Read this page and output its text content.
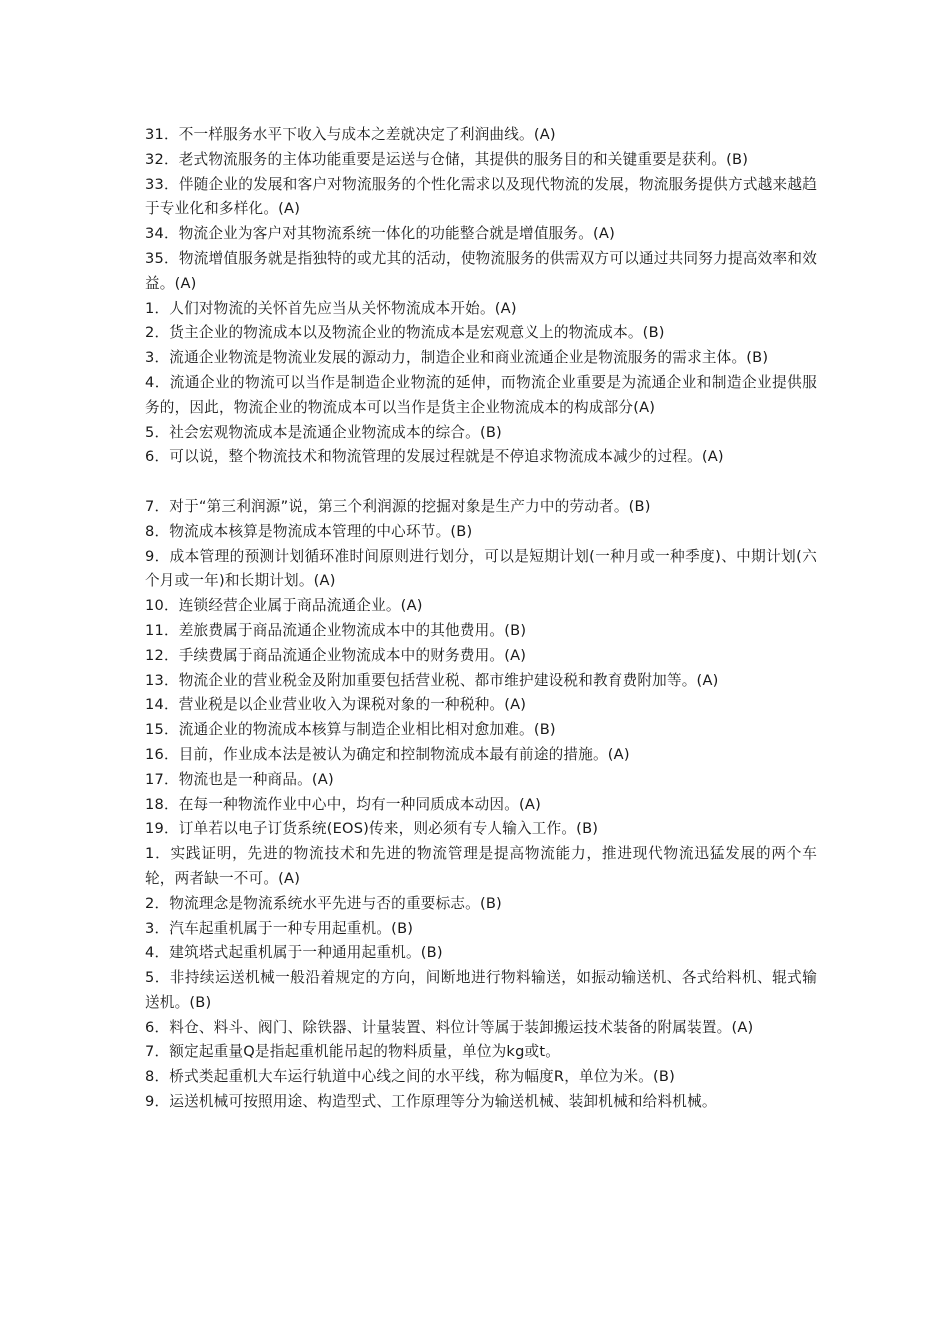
31．不一样服务水平下收入与成本之差就决定了利润曲线。(A)

32．老式物流服务的主体功能重要是运送与仓储，其提供的服务目的和关键重要是获利。(B)

33．伴随企业的发展和客户对物流服务的个性化需求以及现代物流的发展，物流服务提供方式越来越趋于专业化和多样化。(A)

34．物流企业为客户对其物流系统一体化的功能整合就是增值服务。(A)

35．物流增值服务就是指独特的或尤其的活动，使物流服务的供需双方可以通过共同努力提高效率和效益。(A)

1．人们对物流的关怀首先应当从关怀物流成本开始。(A)

2．货主企业的物流成本以及物流企业的物流成本是宏观意义上的物流成本。(B)

3．流通企业物流是物流业发展的源动力，制造企业和商业流通企业是物流服务的需求主体。(B)

4．流通企业的物流可以当作是制造企业物流的延伸，而物流企业重要是为流通企业和制造企业提供服务的，因此，物流企业的物流成本可以当作是货主企业物流成本的构成部分(A)

5．社会宏观物流成本是流通企业物流成本的综合。(B)

6．可以说，整个物流技术和物流管理的发展过程就是不停追求物流成本减少的过程。(A)

7．对于“第三利润源”说，第三个利润源的挖掘对象是生产力中的劳动者。(B)

8．物流成本核算是物流成本管理的中心环节。(B)

9．成本管理的预测计划循环准时间原则进行划分，可以是短期计划(一种月或一种季度)、中期计划(六个月或一年)和长期计划。(A)

10．连锁经营企业属于商品流通企业。(A)

11．差旅费属于商品流通企业物流成本中的其他费用。(B)

12．手续费属于商品流通企业物流成本中的财务费用。(A)

13．物流企业的营业税金及附加重要包括营业税、都市维护建设税和教育费附加等。(A)

14．营业税是以企业营业收入为课税对象的一种税种。(A)

15．流通企业的物流成本核算与制造企业相比相对愈加难。(B)

16．目前，作业成本法是被认为确定和控制物流成本最有前途的措施。(A)

17．物流也是一种商品。(A)

18．在每一种物流作业中心中，均有一种同质成本动因。(A)

19．订单若以电子订货系统(EOS)传来，则必须有专人输入工作。(B)

1．实践证明，先进的物流技术和先进的物流管理是提高物流能力，推进现代物流迅猛发展的两个车轮，两者缺一不可。(A)

2．物流理念是物流系统水平先进与否的重要标志。(B)

3．汽车起重机属于一种专用起重机。(B)

4．建筑塔式起重机属于一种通用起重机。(B)

5．非持续运送机械一般沿着规定的方向，间断地进行物料输送，如振动输送机、各式给料机、辊式输送机。(B)

6．料仓、料斗、阀门、除铁器、计量装置、料位计等属于装卸搬运技术装备的附属装置。(A)

7．额定起重量Q是指起重机能吊起的物料质量，单位为kg或t。

8．桥式类起重机大车运行轨道中心线之间的水平线，称为幅度R，单位为米。(B)

9．运送机械可按照用途、构造型式、工作原理等分为输送机械、装卸机械和给料机械。
